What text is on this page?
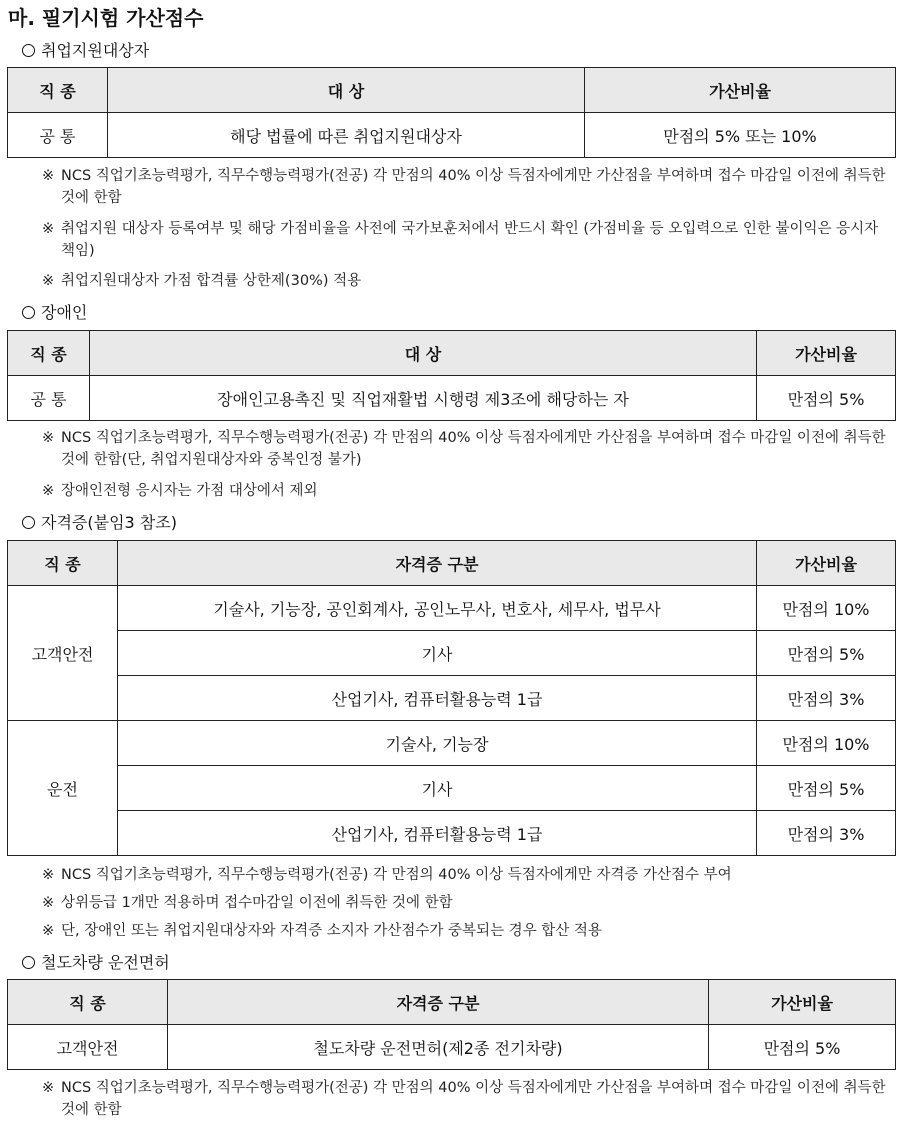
마. 필기시험 가산점수
취업지원대상자
직 종	대 상	가산비율
공 통	해당 법률에 따른 취업지원대상자	만점의 5% 또는 10%
※ NCS 직업기초능력평가, 직무수행능력평가(전공) 각 만점의 40% 이상 득점자에게만 가산점을 부여하며 접수 마감일 이전에 취득한 것에 한함
※ 취업지원 대상자 등록여부 및 해당 가점비율을 사전에 국가보훈처에서 반드시 확인 (가점비율 등 오입력으로 인한 불이익은 응시자 책임)
※ 취업지원대상자 가점 합격률 상한제(30%) 적용
장애인
직 종	대 상	가산비율
공 통	장애인고용촉진 및 직업재활법 시행령 제3조에 해당하는 자	만점의 5%
※ NCS 직업기초능력평가, 직무수행능력평가(전공) 각 만점의 40% 이상 득점자에게만 가산점을 부여하며 접수 마감일 이전에 취득한 것에 한함(단, 취업지원대상자와 중복인정 불가)
※ 장애인전형 응시자는 가점 대상에서 제외
자격증(붙임3 참조)
직 종	자격증 구분	가산비율
고객안전	기술사, 기능장, 공인회계사, 공인노무사, 변호사, 세무사, 법무사	만점의 10%
	기사	만점의 5%
	산업기사, 컴퓨터활용능력 1급	만점의 3%
운전	기술사, 기능장	만점의 10%
	기사	만점의 5%
	산업기사, 컴퓨터활용능력 1급	만점의 3%
※ NCS 직업기초능력평가, 직무수행능력평가(전공) 각 만점의 40% 이상 득점자에게만 자격증 가산점수 부여
※ 상위등급 1개만 적용하며 접수마감일 이전에 취득한 것에 한함
※ 단, 장애인 또는 취업지원대상자와 자격증 소지자 가산점수가 중복되는 경우 합산 적용
철도차량 운전면허
직 종	자격증 구분	가산비율
고객안전	철도차량 운전면허(제2종 전기차량)	만점의 5%
※ NCS 직업기초능력평가, 직무수행능력평가(전공) 각 만점의 40% 이상 득점자에게만 가산점을 부여하며 접수 마감일 이전에 취득한 것에 한함
